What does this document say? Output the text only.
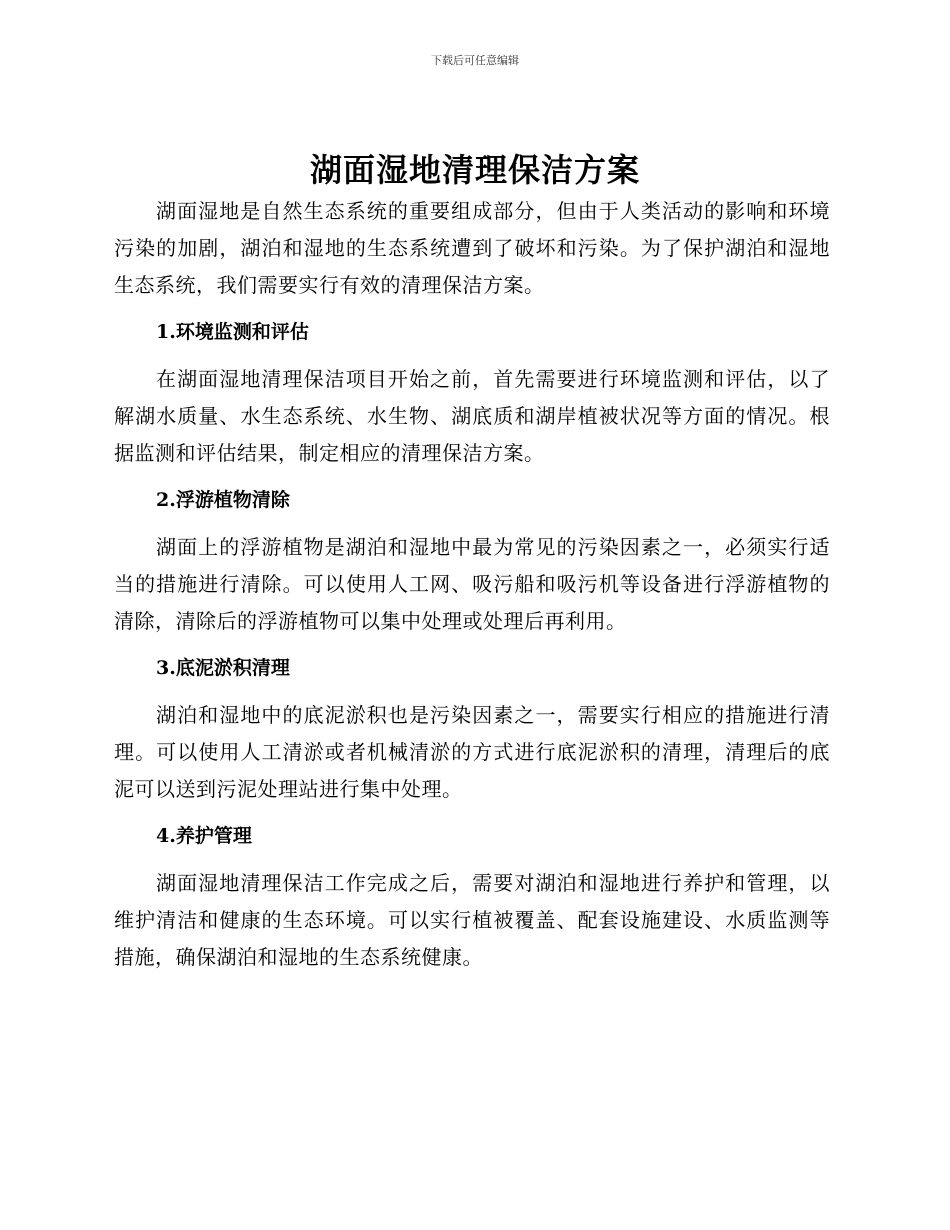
下载后可任意编辑
湖面湿地清理保洁方案

湖面湿地是自然生态系统的重要组成部分，但由于人类活动的影响和环境污染的加剧，湖泊和湿地的生态系统遭到了破坏和污染。为了保护湖泊和湿地生态系统，我们需要实行有效的清理保洁方案。

1.环境监测和评估

在湖面湿地清理保洁项目开始之前，首先需要进行环境监测和评估，以了解湖水质量、水生态系统、水生物、湖底质和湖岸植被状况等方面的情况。根据监测和评估结果，制定相应的清理保洁方案。

2.浮游植物清除

湖面上的浮游植物是湖泊和湿地中最为常见的污染因素之一，必须实行适当的措施进行清除。可以使用人工网、吸污船和吸污机等设备进行浮游植物的清除，清除后的浮游植物可以集中处理或处理后再利用。

3.底泥淤积清理

湖泊和湿地中的底泥淤积也是污染因素之一，需要实行相应的措施进行清理。可以使用人工清淤或者机械清淤的方式进行底泥淤积的清理，清理后的底泥可以送到污泥处理站进行集中处理。

4.养护管理

湖面湿地清理保洁工作完成之后，需要对湖泊和湿地进行养护和管理，以维护清洁和健康的生态环境。可以实行植被覆盖、配套设施建设、水质监测等措施，确保湖泊和湿地的生态系统健康。
